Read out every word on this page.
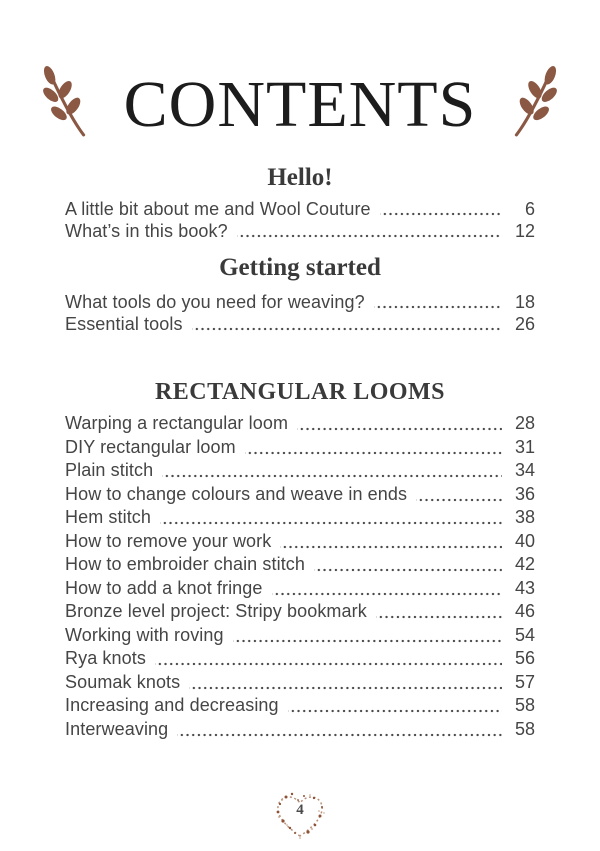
CONTENTS
Hello!
A little bit about me and Wool Couture	6
What’s in this book?	12
Getting started
What tools do you need for weaving?	18
Essential tools	26
RECTANGULAR LOOMS
Warping a rectangular loom	28
DIY rectangular loom	31
Plain stitch	34
How to change colours and weave in ends	36
Hem stitch	38
How to remove your work	40
How to embroider chain stitch	42
How to add a knot fringe	43
Bronze level project: Stripy bookmark	46
Working with roving	54
Rya knots	56
Soumak knots	57
Increasing and decreasing	58
Interweaving	58
4
